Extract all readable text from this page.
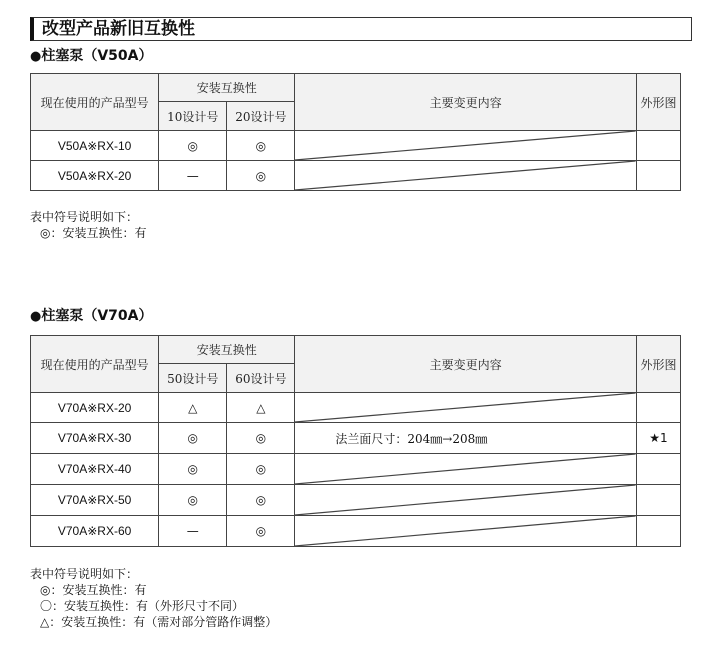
改型产品新旧互换性
●柱塞泵（V50A）
现在使用的产品型号	安装互换性		主要变更内容	外形图
	10设计号	20设计号		
V50A※RX-10	◎	◎	

V50A※RX-20	—	◎	

表中符号说明如下：
◎：安装互换性：有
●柱塞泵（V70A）
现在使用的产品型号	安装互换性		主要变更内容	外形图
	50设计号	60设计号		
V70A※RX-20	△	△	

V70A※RX-30	◎	◎	法兰面尺寸：204㎜→208㎜	★1
V70A※RX-40	◎	◎	

V70A※RX-50	◎	◎	

V70A※RX-60	—	◎	

表中符号说明如下：
◎：安装互换性：有
〇：安装互换性：有（外形尺寸不同）
△：安装互换性：有（需对部分管路作调整）
